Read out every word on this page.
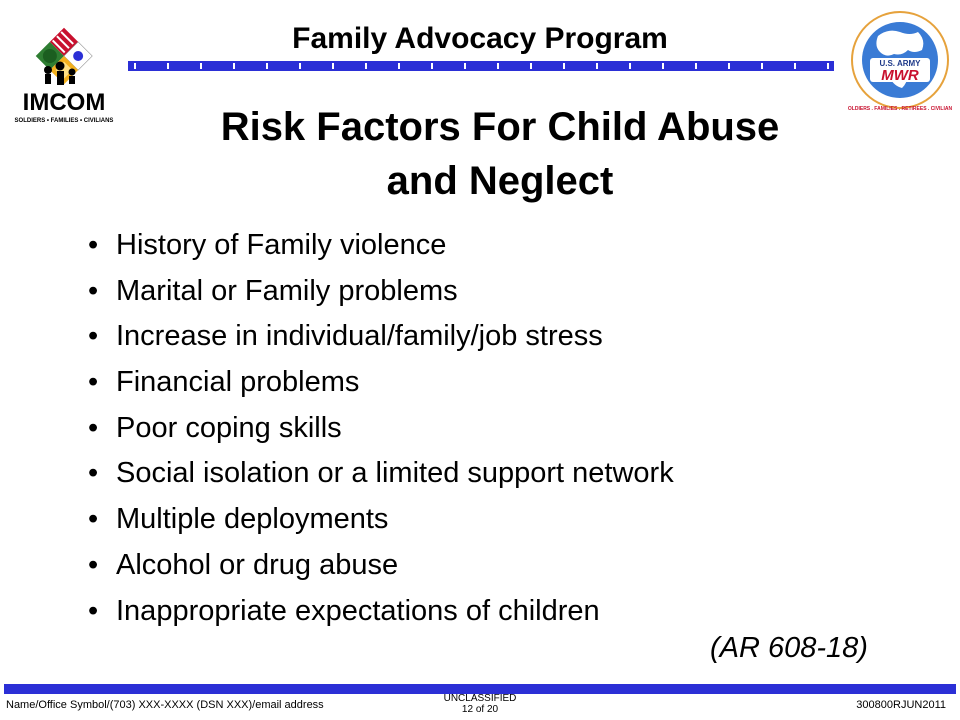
IMCOM
SOLDIERS • FAMILIES • CIVILIANS
Family Advocacy Program
U.S. ARMY
MWR
SOLDIERS . FAMILIES . RETIREES . CIVILIANS
Risk Factors For Child Abuse
and Neglect
• History of Family violence
• Marital or Family problems
• Increase in individual/family/job stress
• Financial problems
• Poor coping skills
• Social isolation or a limited support network
• Multiple deployments
• Alcohol or drug abuse
• Inappropriate expectations of children
(AR 608-18)
Name/Office Symbol/(703) XXX-XXXX (DSN XXX)/email address
UNCLASSIFIED
12 of 20	300800RJUN2011
